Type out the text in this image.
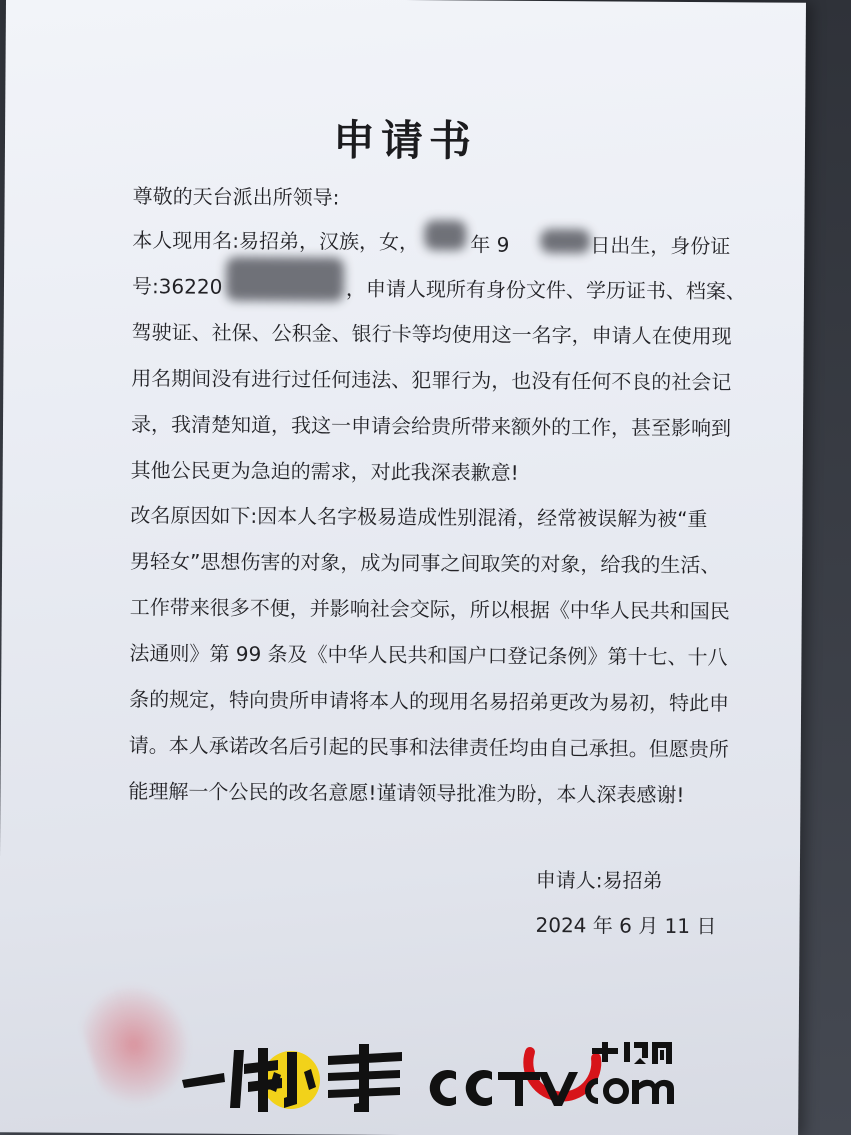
申请书
尊敬的天台派出所领导:
本人现用名:易招弟，汉族，女，	年 9	日出生，身份证
号:36220	，申请人现所有身份文件、学历证书、档案、
驾驶证、社保、公积金、银行卡等均使用这一名字，申请人在使用现
用名期间没有进行过任何违法、犯罪行为，也没有任何不良的社会记
录，我清楚知道，我这一申请会给贵所带来额外的工作，甚至影响到
其他公民更为急迫的需求，对此我深表歉意!
改名原因如下:因本人名字极易造成性别混淆，经常被误解为被“重
男轻女”思想伤害的对象，成为同事之间取笑的对象，给我的生活、
工作带来很多不便，并影响社会交际，所以根据《中华人民共和国民
法通则》第 99 条及《中华人民共和国户口登记条例》第十七、十八
条的规定，特向贵所申请将本人的现用名易招弟更改为易初，特此申
请。本人承诺改名后引起的民事和法律责任均由自己承担。但愿贵所
能理解一个公民的改名意愿!谨请领导批准为盼，本人深表感谢!
申请人:易招弟
2024 年 6 月 11 日
